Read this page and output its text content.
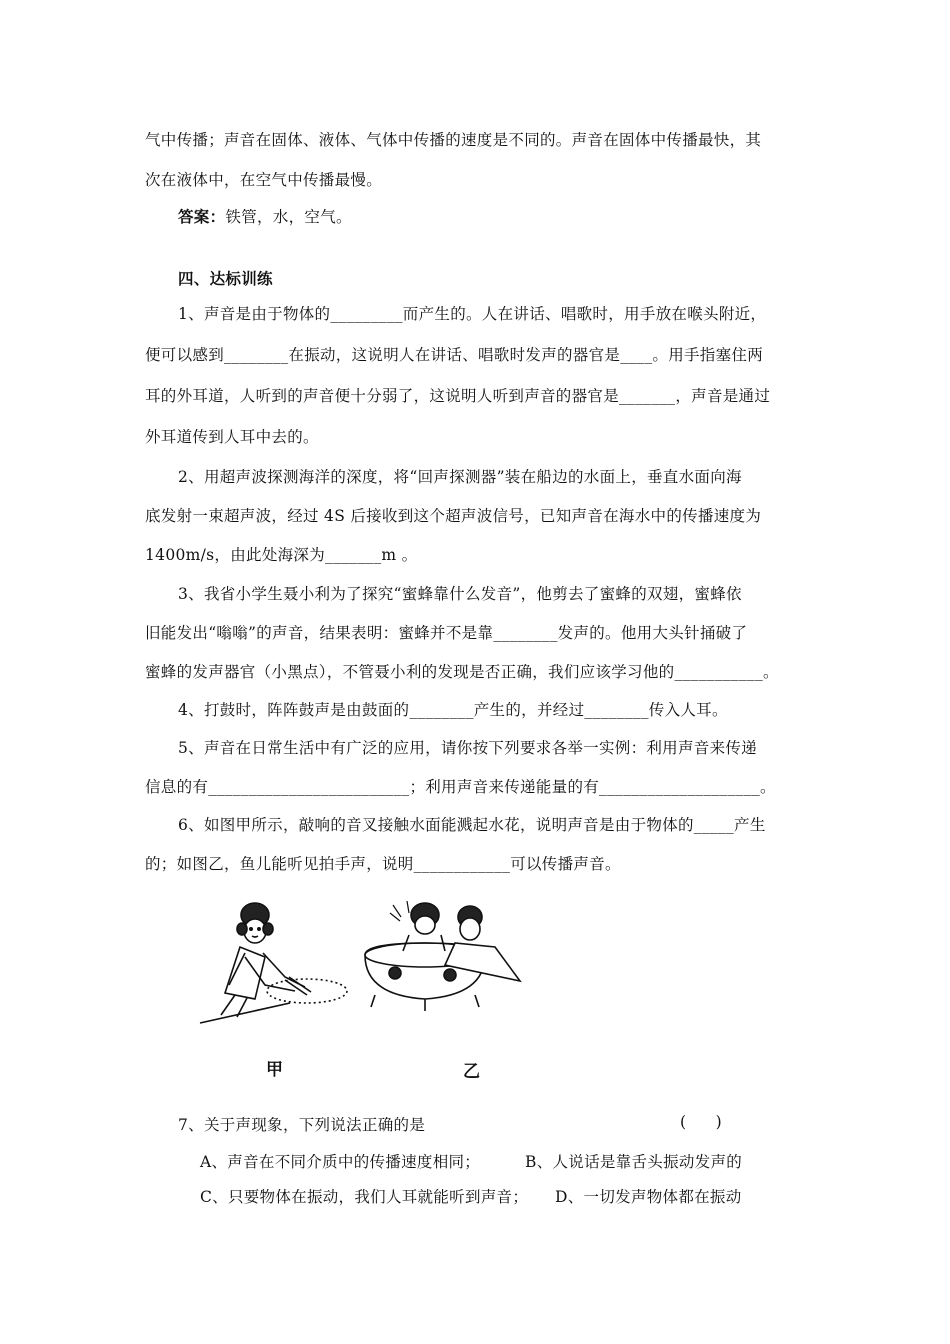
气中传播；声音在固体、液体、气体中传播的速度是不同的。声音在固体中传播最快，其
次在液体中，在空气中传播最慢。
答案：铁管，水，空气。
四、达标训练
1、声音是由于物体的_________而产生的。人在讲话、唱歌时，用手放在喉头附近，
便可以感到________在振动，这说明人在讲话、唱歌时发声的器官是____。用手指塞住两
耳的外耳道，人听到的声音便十分弱了，这说明人听到声音的器官是_______，声音是通过
外耳道传到人耳中去的。
2、用超声波探测海洋的深度，将“回声探测器”装在船边的水面上，垂直水面向海
底发射一束超声波，经过 4S 后接收到这个超声波信号，已知声音在海水中的传播速度为
1400m/s，由此处海深为_______m 。
3、我省小学生聂小利为了探究“蜜蜂靠什么发音”，他剪去了蜜蜂的双翅，蜜蜂依
旧能发出“嗡嗡”的声音，结果表明：蜜蜂并不是靠________发声的。他用大头针捅破了
蜜蜂的发声器官（小黑点），不管聂小利的发现是否正确，我们应该学习他的___________。
4、打鼓时，阵阵鼓声是由鼓面的________产生的，并经过________传入人耳。
5、声音在日常生活中有广泛的应用，请你按下列要求各举一实例：利用声音来传递
信息的有_________________________；利用声音来传递能量的有____________________。
6、如图甲所示，敲响的音叉接触水面能溅起水花，说明声音是由于物体的_____产生
的；如图乙，鱼儿能听见拍手声，说明____________可以传播声音。
甲	乙
7、关于声现象，下列说法正确的是	(      )
A、声音在不同介质中的传播速度相同；	B、人说话是靠舌头振动发声的
C、只要物体在振动，我们人耳就能听到声音； D、一切发声物体都在振动
